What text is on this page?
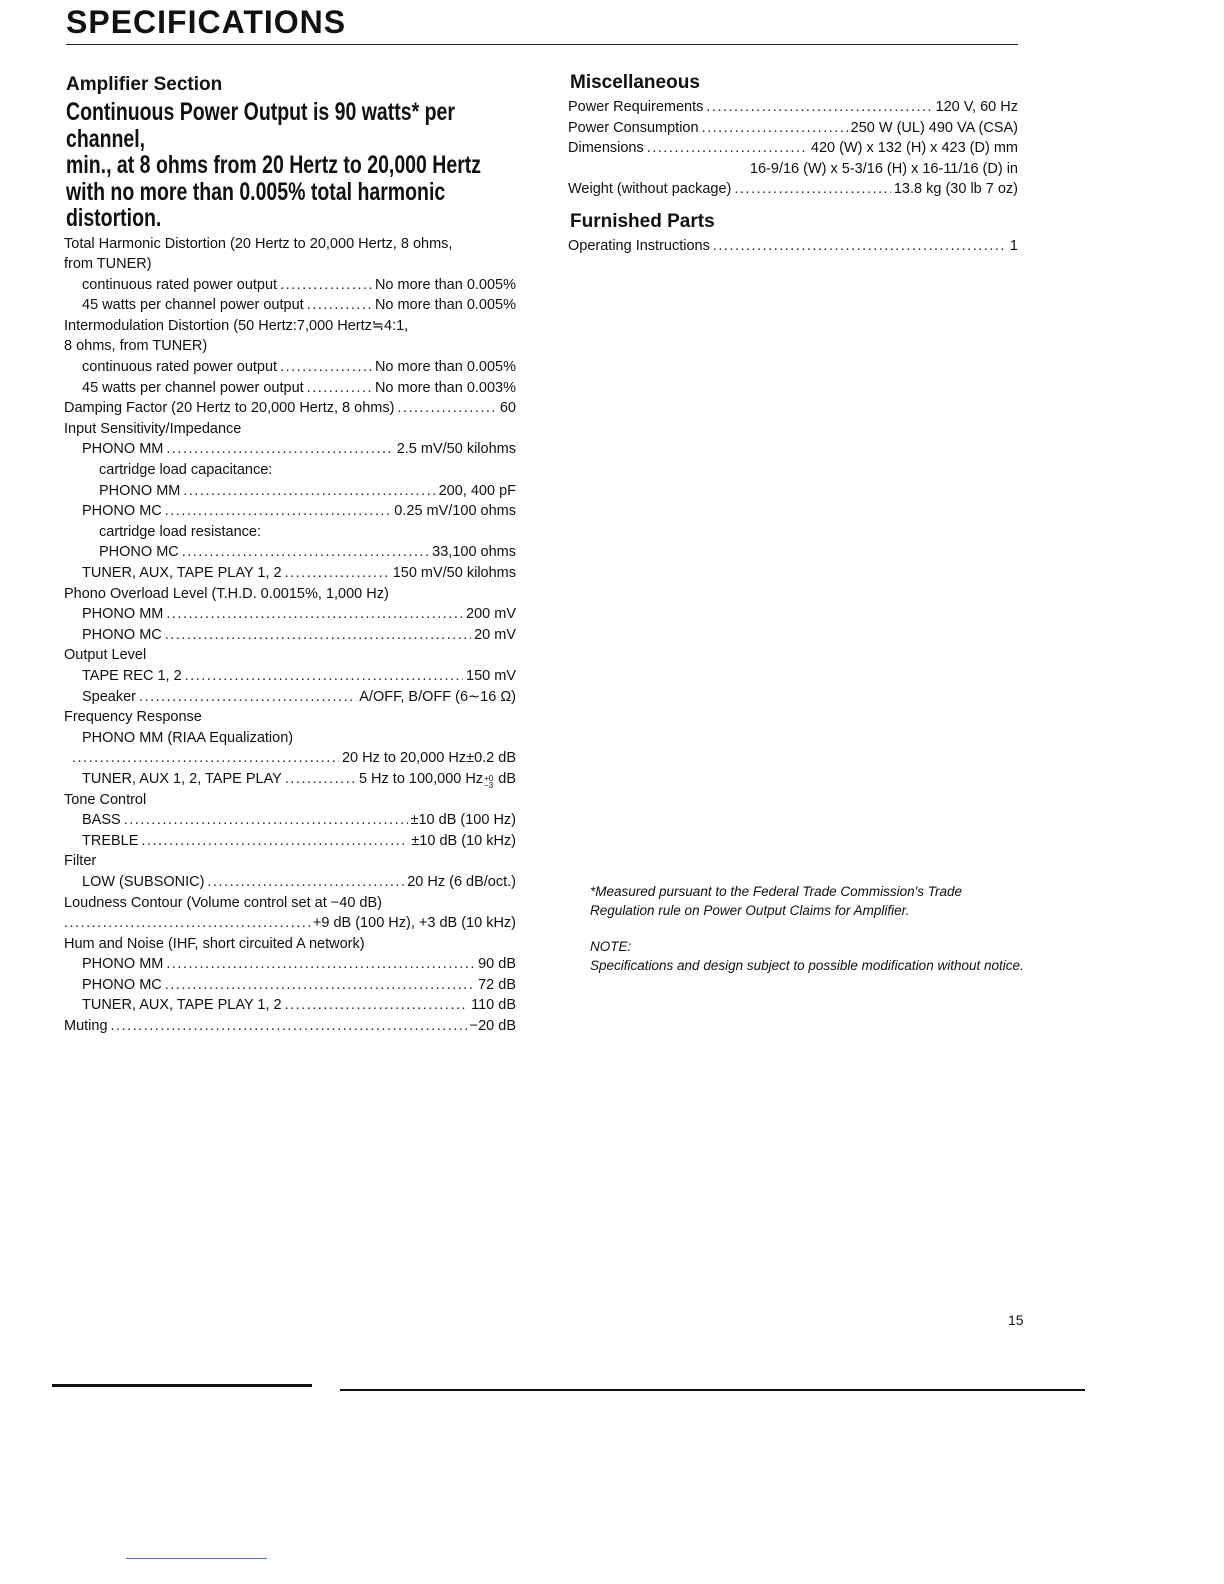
SPECIFICATIONS
Amplifier Section
Continuous Power Output is 90 watts* per channel,
min., at 8 ohms from 20 Hertz to 20,000 Hertz
with no more than 0.005% total harmonic
distortion.
Total Harmonic Distortion (20 Hertz to 20,000 Hertz, 8 ohms,
from TUNER)
continuous rated power output .....	No more than 0.005%
45 watts per channel power output .....	No more than 0.005%
Intermodulation Distortion (50 Hertz:7,000 Hertz≒4:1,
8 ohms, from TUNER)
continuous rated power output .....	No more than 0.005%
45 watts per channel power output .....	No more than 0.003%
Damping Factor (20 Hertz to 20,000 Hertz, 8 ohms) .....	60
Input Sensitivity/Impedance
PHONO MM .....	2.5 mV/50 kilohms
cartridge load capacitance:
PHONO MM .....	200, 400 pF
PHONO MC .....	0.25 mV/100 ohms
cartridge load resistance:
PHONO MC .....	33,100 ohms
TUNER, AUX, TAPE PLAY 1, 2 .....	150 mV/50 kilohms
Phono Overload Level (T.H.D. 0.0015%, 1,000 Hz)
PHONO MM .....	200 mV
PHONO MC .....	20 mV
Output Level
TAPE REC 1, 2 .....	150 mV
Speaker .....	A/OFF, B/OFF (6∼16 Ω)
Frequency Response
PHONO MM (RIAA Equalization)
.....
20 Hz to 20,000 Hz±0.2 dB
TUNER, AUX 1, 2, TAPE PLAY .....	5 Hz to 100,000 Hz +0
−3 dB
Tone Control
BASS .....	±10 dB (100 Hz)
TREBLE .....	±10 dB (10 kHz)
Filter
LOW (SUBSONIC) .....	20 Hz (6 dB/oct.)
Loudness Contour (Volume control set at −40 dB)
.....
+9 dB (100 Hz), +3 dB (10 kHz)
Hum and Noise (IHF, short circuited A network)
PHONO MM .....	90 dB
PHONO MC .....	72 dB
TUNER, AUX, TAPE PLAY 1, 2 .....	110 dB
Muting .....	−20 dB
Miscellaneous
Power Requirements .....	120 V, 60 Hz
Power Consumption .....	250 W (UL) 490 VA (CSA)
Dimensions .....	420 (W) x 132 (H) x 423 (D) mm
16-9/16 (W) x 5-3/16 (H) x 16-11/16 (D) in
Weight (without package) .....	13.8 kg (30 lb 7 oz)
Furnished Parts
Operating Instructions .....	1

*Measured pursuant to the Federal Trade Commission's Trade Regulation rule on Power Output Claims for Amplifier.

NOTE:

Specifications and design subject to possible modification without notice.

15
